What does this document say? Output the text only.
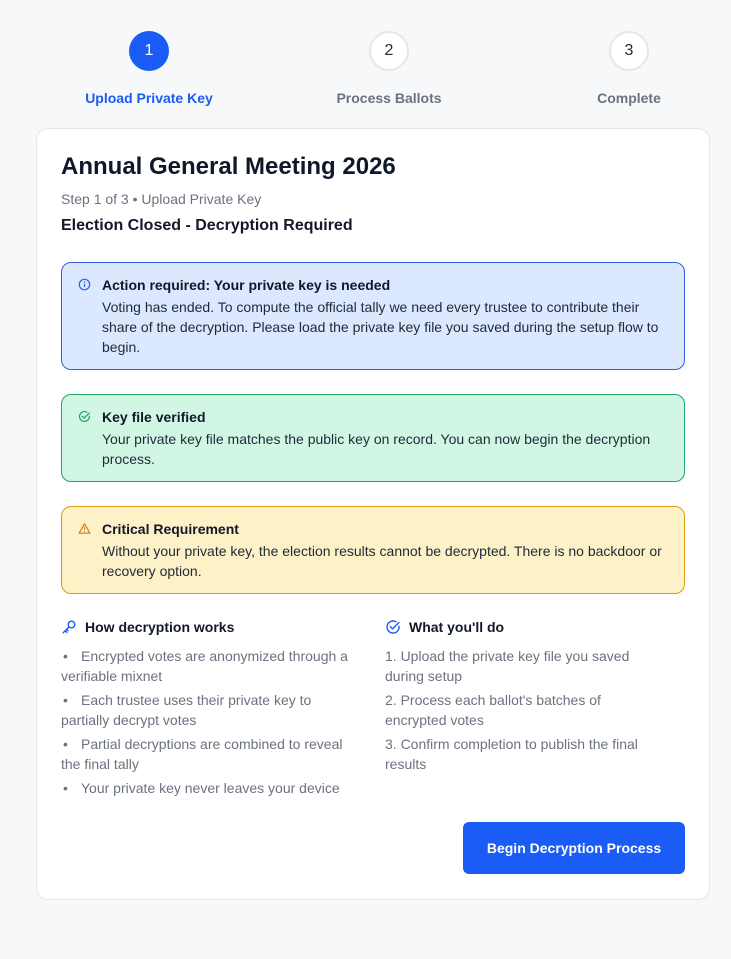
1
Upload Private Key
2
Process Ballots
3
Complete
Annual General Meeting 2026
Step 1 of 3 • Upload Private Key
Election Closed - Decryption Required
Action required: Your private key is needed
Voting has ended. To compute the official tally we need every trustee to contribute their share of the decryption. Please load the private key file you saved during the setup flow to begin.
Key file verified
Your private key file matches the public key on record. You can now begin the decryption process.
Critical Requirement
Without your private key, the election results cannot be decrypted. There is no backdoor or recovery option.
How decryption works
• Encrypted votes are anonymized through a verifiable mixnet
• Each trustee uses their private key to partially decrypt votes
• Partial decryptions are combined to reveal the final tally
• Your private key never leaves your device
What you'll do
1. Upload the private key file you saved during setup
2. Process each ballot's batches of encrypted votes
3. Confirm completion to publish the final results
Begin Decryption Process
